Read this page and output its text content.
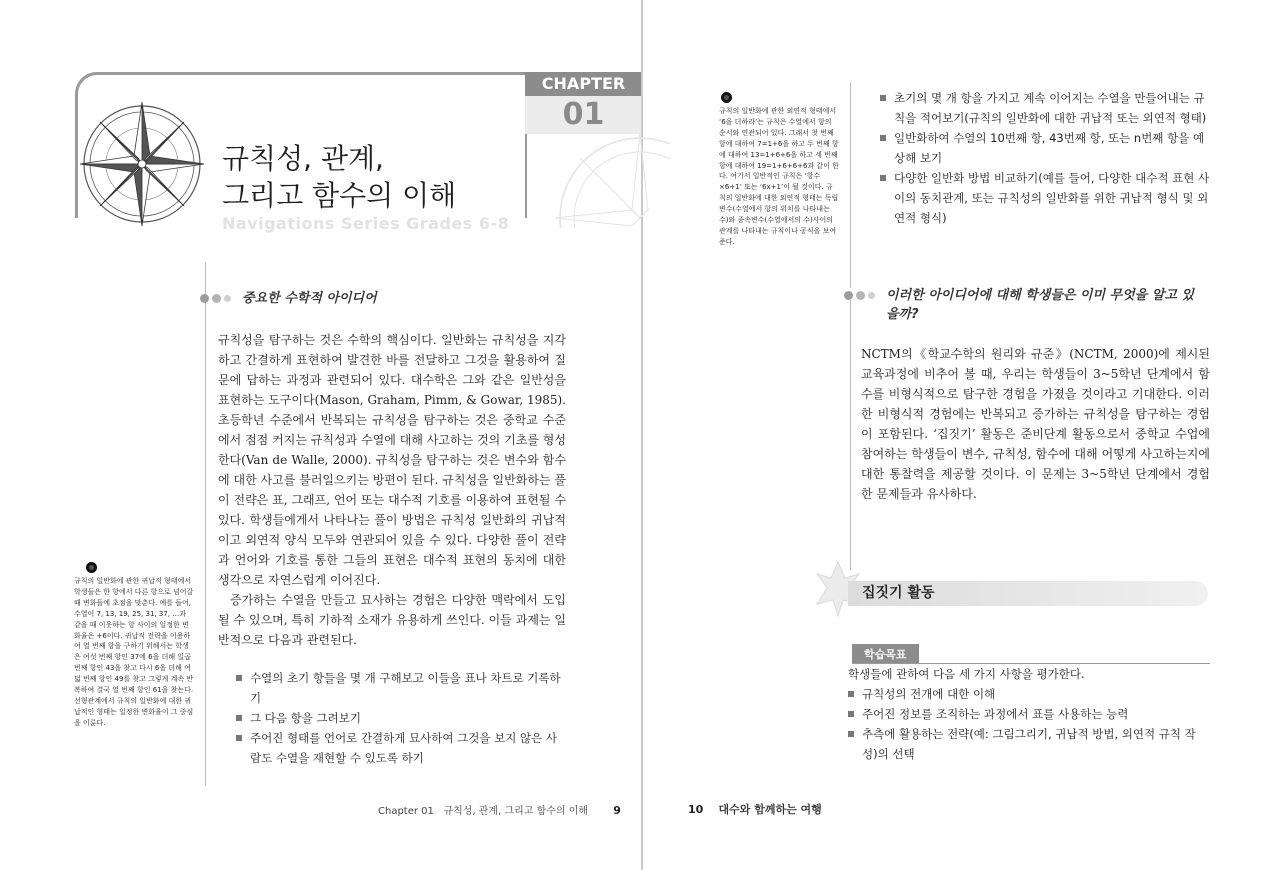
CHAPTER
01
규칙성, 관계,
그리고 함수의 이해
Navigations Series Grades 6-8
중요한 수학적 아이디어

규칙성을 탐구하는 것은 수학의 핵심이다. 일반화는 규칙성을 지각하고 간결하게 표현하여 발견한 바를 전달하고 그것을 활용하여 질문에 답하는 과정과 관련되어 있다. 대수학은 그와 같은 일반성을 표현하는 도구이다(Mason, Graham, Pimm, & Gowar, 1985). 초등학년 수준에서 반복되는 규칙성을 탐구하는 것은 중학교 수준에서 점점 커지는 규칙성과 수열에 대해 사고하는 것의 기초를 형성한다(Van de Walle, 2000). 규칙성을 탐구하는 것은 변수와 함수에 대한 사고를 불러일으키는 방편이 된다. 규칙성을 일반화하는 풀이 전략은 표, 그래프, 언어 또는 대수적 기호를 이용하여 표현될 수 있다. 학생들에게서 나타나는 풀이 방법은 규칙성 일반화의 귀납적이고 외연적 양식 모두와 연관되어 있을 수 있다. 다양한 풀이 전략과 언어와 기호를 통한 그들의 표현은 대수적 표현의 동치에 대한 생각으로 자연스럽게 이어진다.

증가하는 수열을 만들고 묘사하는 경험은 다양한 맥락에서 도입될 수 있으며, 특히 기하적 소재가 유용하게 쓰인다. 이들 과제는 일반적으로 다음과 관련된다.

수열의 초기 항들을 몇 개 구해보고 이들을 표나 차트로 기록하기

그 다음 항을 그려보기

주어진 형태를 언어로 간결하게 묘사하여 그것을 보지 않은 사람도 수열을 재현할 수 있도록 하기

규칙의 일반화에 관한 귀납적 형태에서 학생들은 한 항에서 다른 항으로 넘어갈 때 변화들에 초점을 맞춘다. 예를 들어, 수열이 7, 13, 19, 25, 31, 37, …과 같을 때 이웃하는 항 사이의 일정한 변화율은 +6이다. 귀납적 전략을 이용하여 열 번째 항을 구하기 위해서는 학생은 여섯 번째 항인 37에 6을 더해 일곱 번째 항인 43을 찾고 다시 6을 더해 여덟 번째 항인 49를 찾고 그렇게 계속 반복하여 결국 열 번째 항인 61을 찾는다. 선형관계에서 규칙의 일반화에 대한 귀납적인 형태는 일정한 변화율이 그 중심을 이룬다.
Chapter 01 규칙성, 관계, 그리고 함수의 이해 9
규칙의 일반화에 관한 외연적 형태에서 ‘6을 더하라’는 규칙은 수열에서 항의 순서와 연관되어 있다. 그래서 첫 번째 항에 대하여 7=1+6을 하고 두 번째 항에 대하여 13=1+6+6을 하고 세 번째 항에 대하여 19=1+6+6+6과 같이 한다. 여기서 일반적인 규칙은 ‘항수×6+1’ 또는 ‘6x+1’이 될 것이다. 규칙의 일반화에 대한 외연적 형태는 독립변수(수열에서 항의 위치를 나타내는 수)와 종속변수(수열에서의 수)사이의 관계를 나타내는 규칙이나 공식을 보여준다.

초기의 몇 개 항을 가지고 계속 이어지는 수열을 만들어내는 규칙을 적어보기(규칙의 일반화에 대한 귀납적 또는 외연적 형태)

일반화하여 수열의 10번째 항, 43번째 항, 또는 n번째 항을 예상해 보기

다양한 일반화 방법 비교하기(예를 들어, 다양한 대수적 표현 사이의 동치관계, 또는 규칙성의 일반화를 위한 귀납적 형식 및 외연적 형식)

이러한 아이디어에 대해 학생들은 이미 무엇을 알고 있을까?

NCTM의《학교수학의 원리와 규준》(NCTM, 2000)에 제시된 교육과정에 비추어 볼 때, 우리는 학생들이 3~5학년 단계에서 함수를 비형식적으로 탐구한 경험을 가졌을 것이라고 기대한다. 이러한 비형식적 경험에는 반복되고 증가하는 규칙성을 탐구하는 경험이 포함된다. ‘집짓기’ 활동은 준비단계 활동으로서 중학교 수업에 참여하는 학생들이 변수, 규칙성, 함수에 대해 어떻게 사고하는지에 대한 통찰력을 제공할 것이다. 이 문제는 3~5학년 단계에서 경험한 문제들과 유사하다.

집짓기 활동
학습목표

학생들에 관하여 다음 세 가지 사항을 평가한다.

규칙성의 전개에 대한 이해

주어진 정보를 조직하는 과정에서 표를 사용하는 능력

추측에 활용하는 전략(예: 그림그리기, 귀납적 방법, 외연적 규칙 작성)의 선택

10 대수와 함께하는 여행
